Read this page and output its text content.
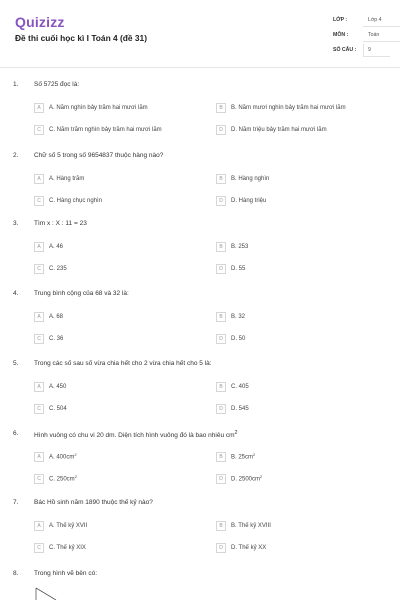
Quizizz
Đề thi cuối học kì I Toán 4 (đề 31)
LỚP :	Lớp 4
MÔN :	Toán
SỐ CÂU : 9
1. Số 5725 đọc là:
A A. Năm nghìn bảy trăm hai mươi lăm	B B. Năm mươi nghìn bảy trăm hai mươi lăm
C C. Năm trăm nghìn bảy trăm hai mươi lăm	D D. Năm triệu bảy trăm hai mươi lăm
2. Chữ số 5 trong số 9654837 thuộc hàng nào?
A A. Hàng trăm	B B. Hàng nghìn
C C. Hàng chục nghìn	D D. Hàng triệu
3. Tìm x : X : 11 = 23
A A. 46	B B. 253
C C. 235	D D. 55
4. Trung bình cộng của 68 và 32 là:
A A. 68	B B. 32
C C. 36	D D. 50
5. Trong các số sau số vừa chia hết cho 2 vừa chia hết cho 5 là:
A A. 450	B C. 405
C C. 504	D D. 545
6. Hình vuông có chu vi 20 dm. Diện tích hình vuông đó là bao nhiêu $cm^2$
A A. $400cm^2$	B B. $25cm^2$
C C. $250cm^2$	D D. $2500cm^2$
7. Bác Hồ sinh năm 1890 thuộc thế kỷ nào?
A A. Thế kỷ XVII	B B. Thế kỷ XVIII
C C. Thế kỷ XIX	D D. Thế kỷ XX
8. Trong hình vẽ bên có:
